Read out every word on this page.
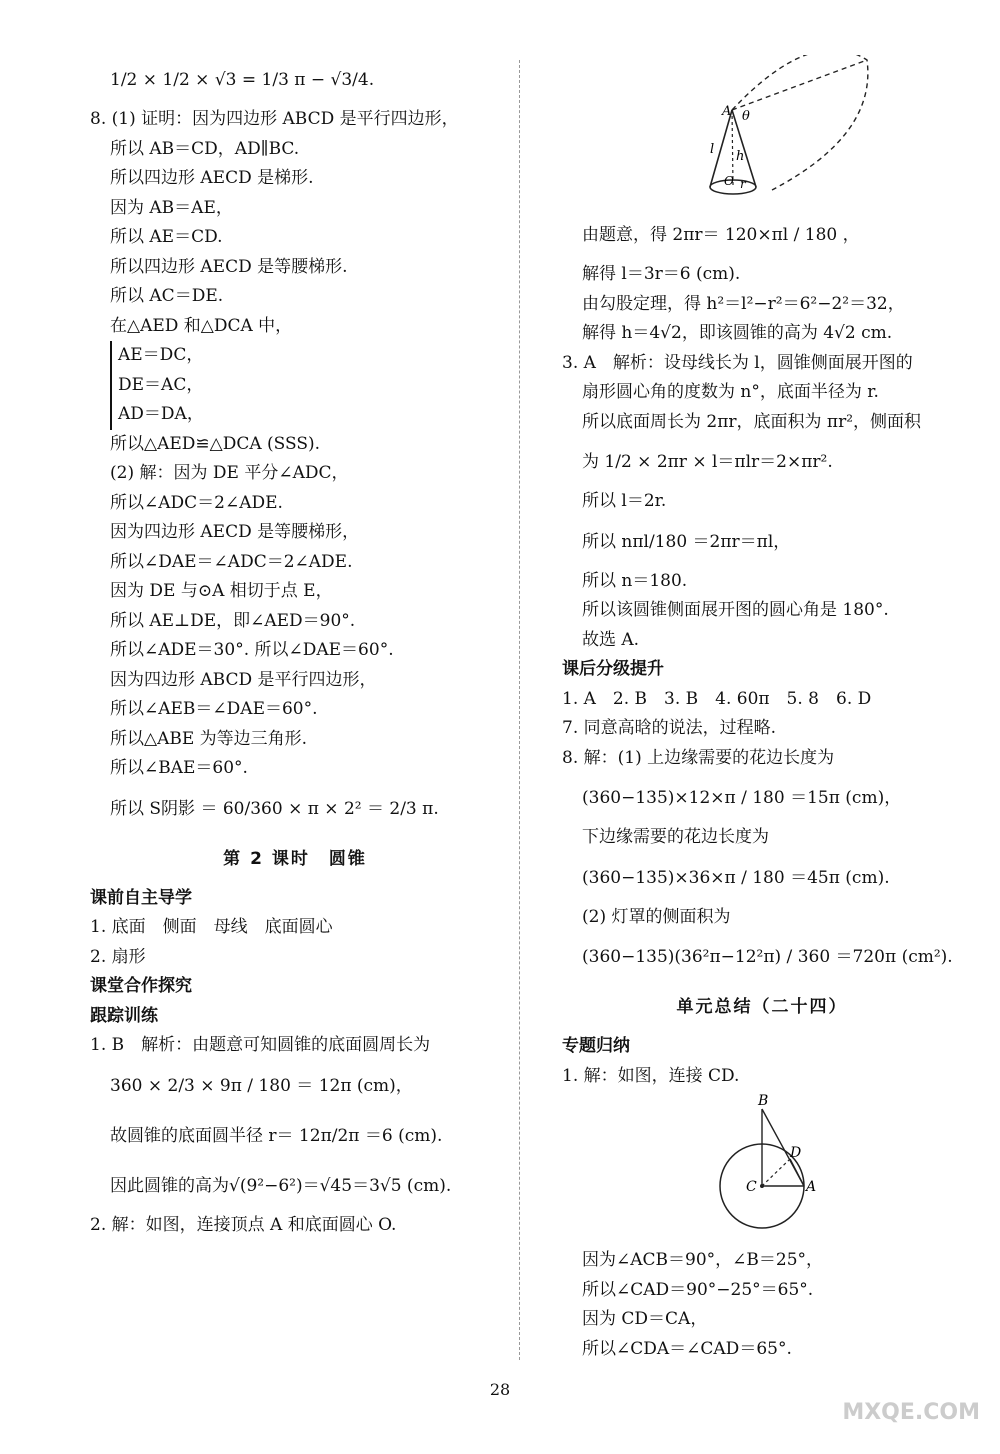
1/2 × 1/2 × √3 = 1/3 π − √3/4.
8. (1) 证明：因为四边形 ABCD 是平行四边形，
所以 AB＝CD，AD∥BC.
所以四边形 AECD 是梯形.
因为 AB＝AE，
所以 AE＝CD.
所以四边形 AECD 是等腰梯形.
所以 AC＝DE.
在△AED 和△DCA 中，
AE＝DC，
DE＝AC，
AD＝DA，
所以△AED≌△DCA (SSS).
(2) 解：因为 DE 平分∠ADC，
所以∠ADC＝2∠ADE.
因为四边形 AECD 是等腰梯形，
所以∠DAE＝∠ADC＝2∠ADE.
因为 DE 与⊙A 相切于点 E，
所以 AE⊥DE，即∠AED＝90°.
所以∠ADE＝30°. 所以∠DAE＝60°.
因为四边形 ABCD 是平行四边形，
所以∠AEB＝∠DAE＝60°.
所以△ABE 为等边三角形.
所以∠BAE＝60°.
所以 S阴影 ＝ 60/360 × π × 2² ＝ 2/3 π.
第 2 课时　圆锥
课前自主导学
1. 底面　侧面　母线　底面圆心
2. 扇形
课堂合作探究
跟踪训练
1. B　解析：由题意可知圆锥的底面圆周长为
360 × 2/3 × 9π / 180 ＝ 12π (cm)，
故圆锥的底面圆半径 r＝ 12π/2π ＝6 (cm).
因此圆锥的高为√(9²−6²)＝√45＝3√5 (cm).
2. 解：如图，连接顶点 A 和底面圆心 O.
A θ
l h
O r
由题意，得 2πr＝ 120×πl / 180 ，
解得 l＝3r＝6 (cm).
由勾股定理，得 h²＝l²−r²＝6²−2²＝32，
解得 h＝4√2，即该圆锥的高为 4√2 cm.
3. A　解析：设母线长为 l，圆锥侧面展开图的
扇形圆心角的度数为 n°，底面半径为 r.
所以底面周长为 2πr，底面积为 πr²，侧面积
为 1/2 × 2πr × l＝πlr＝2×πr².
所以 l＝2r.
所以 nπl/180 ＝2πr＝πl，
所以 n＝180.
所以该圆锥侧面展开图的圆心角是 180°.
故选 A.
课后分级提升
1. A　2. B　3. B　4. 60π　5. 8　6. D
7. 同意高晗的说法，过程略.
8. 解：(1) 上边缘需要的花边长度为
(360−135)×12×π / 180 ＝15π (cm)，
下边缘需要的花边长度为
(360−135)×36×π / 180 ＝45π (cm).
(2) 灯罩的侧面积为
(360−135)(36²π−12²π) / 360 ＝720π (cm²).
单元总结（二十四）
专题归纳
1. 解：如图，连接 CD.
B
D
C	A
因为∠ACB＝90°，∠B＝25°，
所以∠CAD＝90°−25°＝65°.
因为 CD＝CA，
所以∠CDA＝∠CAD＝65°.
28
MXQE.COM
